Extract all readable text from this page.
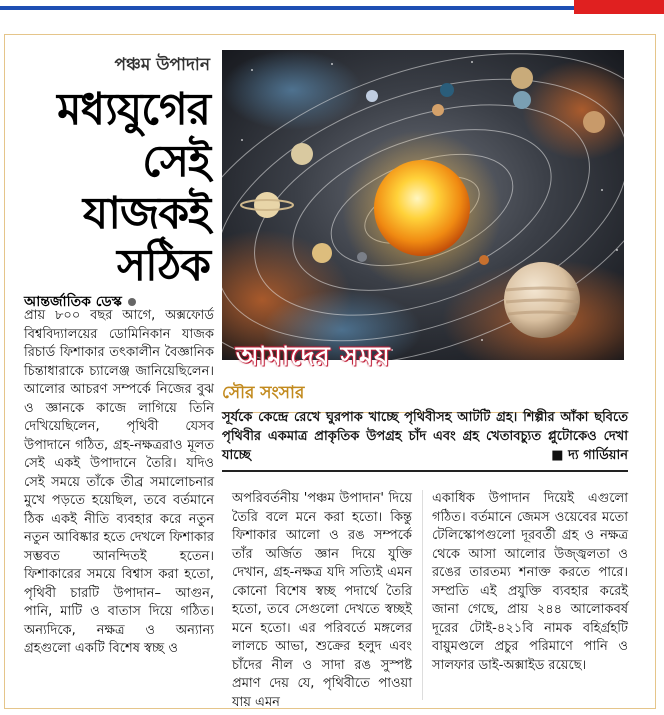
পঞ্চম উপাদান
মধ্যযুগের
সেই
যাজকই
সঠিক
আমাদের সময়
আন্তর্জাতিক ডেস্ক

প্রায় ৮০০ বছর আগে, অক্সফোর্ড বিশ্ববিদ্যালয়ের ডোমিনিকান যাজক রিচার্ড ফিশাকার তৎকালীন বৈজ্ঞানিক চিন্তাধারাকে চ্যালেঞ্জ জানিয়েছিলেন। আলোর আচরণ সম্পর্কে নিজের বুঝ ও জ্ঞানকে কাজে লাগিয়ে তিনি দেখিয়েছিলেন, পৃথিবী যেসব উপাদানে গঠিত, গ্রহ-নক্ষত্ররাও মূলত সেই একই উপাদানে তৈরি। যদিও সেই সময়ে তাঁকে তীব্র সমালোচনার মুখে পড়তে হয়েছিল, তবে বর্তমানে ঠিক একই নীতি ব্যবহার করে নতুন নতুন আবিষ্কার হতে দেখলে ফিশাকার সম্ভবত আনন্দিতই হতেন। ফিশাকারের সময়ে বিশ্বাস করা হতো, পৃথিবী চারটি উপাদান– আগুন, পানি, মাটি ও বাতাস দিয়ে গঠিত। অন্যদিকে, নক্ষত্র ও অন্যান্য গ্রহগুলো একটি বিশেষ স্বচ্ছ ও

সৌর সংসার
সূর্যকে কেন্দ্রে রেখে ঘুরপাক খাচ্ছে পৃথিবীসহ আটটি গ্রহ। শিল্পীর আঁকা ছবিতে পৃথিবীর একমাত্র প্রাকৃতিক উপগ্রহ চাঁদ এবং গ্রহ খেতাবচ্যুত প্লুটোকেও দেখা যাচ্ছে	■ দ্য গার্ডিয়ান

অপরিবর্তনীয় 'পঞ্চম উপাদান' দিয়ে তৈরি বলে মনে করা হতো। কিন্তু ফিশাকার আলো ও রঙ সম্পর্কে তাঁর অর্জিত জ্ঞান দিয়ে যুক্তি দেখান, গ্রহ-নক্ষত্র যদি সত্যিই এমন কোনো বিশেষ স্বচ্ছ পদার্থে তৈরি হতো, তবে সেগুলো দেখতে স্বচ্ছই মনে হতো। এর পরিবর্তে মঙ্গলের লালচে আভা, শুক্রের হলুদ এবং চাঁদের নীল ও সাদা রঙ সুস্পষ্ট প্রমাণ দেয় যে, পৃথিবীতে পাওয়া যায় এমন

একাধিক উপাদান দিয়েই এগুলো গঠিত। বর্তমানে জেমস ওয়েবের মতো টেলিস্কোপগুলো দূরবর্তী গ্রহ ও নক্ষত্র থেকে আসা আলোর উজ্জ্বলতা ও রঙের তারতম্য শনাক্ত করতে পারে। সম্প্রতি এই প্রযুক্তি ব্যবহার করেই জানা গেছে, প্রায় ২৪৪ আলোকবর্ষ দূরের টোই-৪২১বি নামক বহির্গ্রহটি বায়ুমণ্ডলে প্রচুর পরিমাণে পানি ও সালফার ডাই-অক্সাইড রয়েছে।
